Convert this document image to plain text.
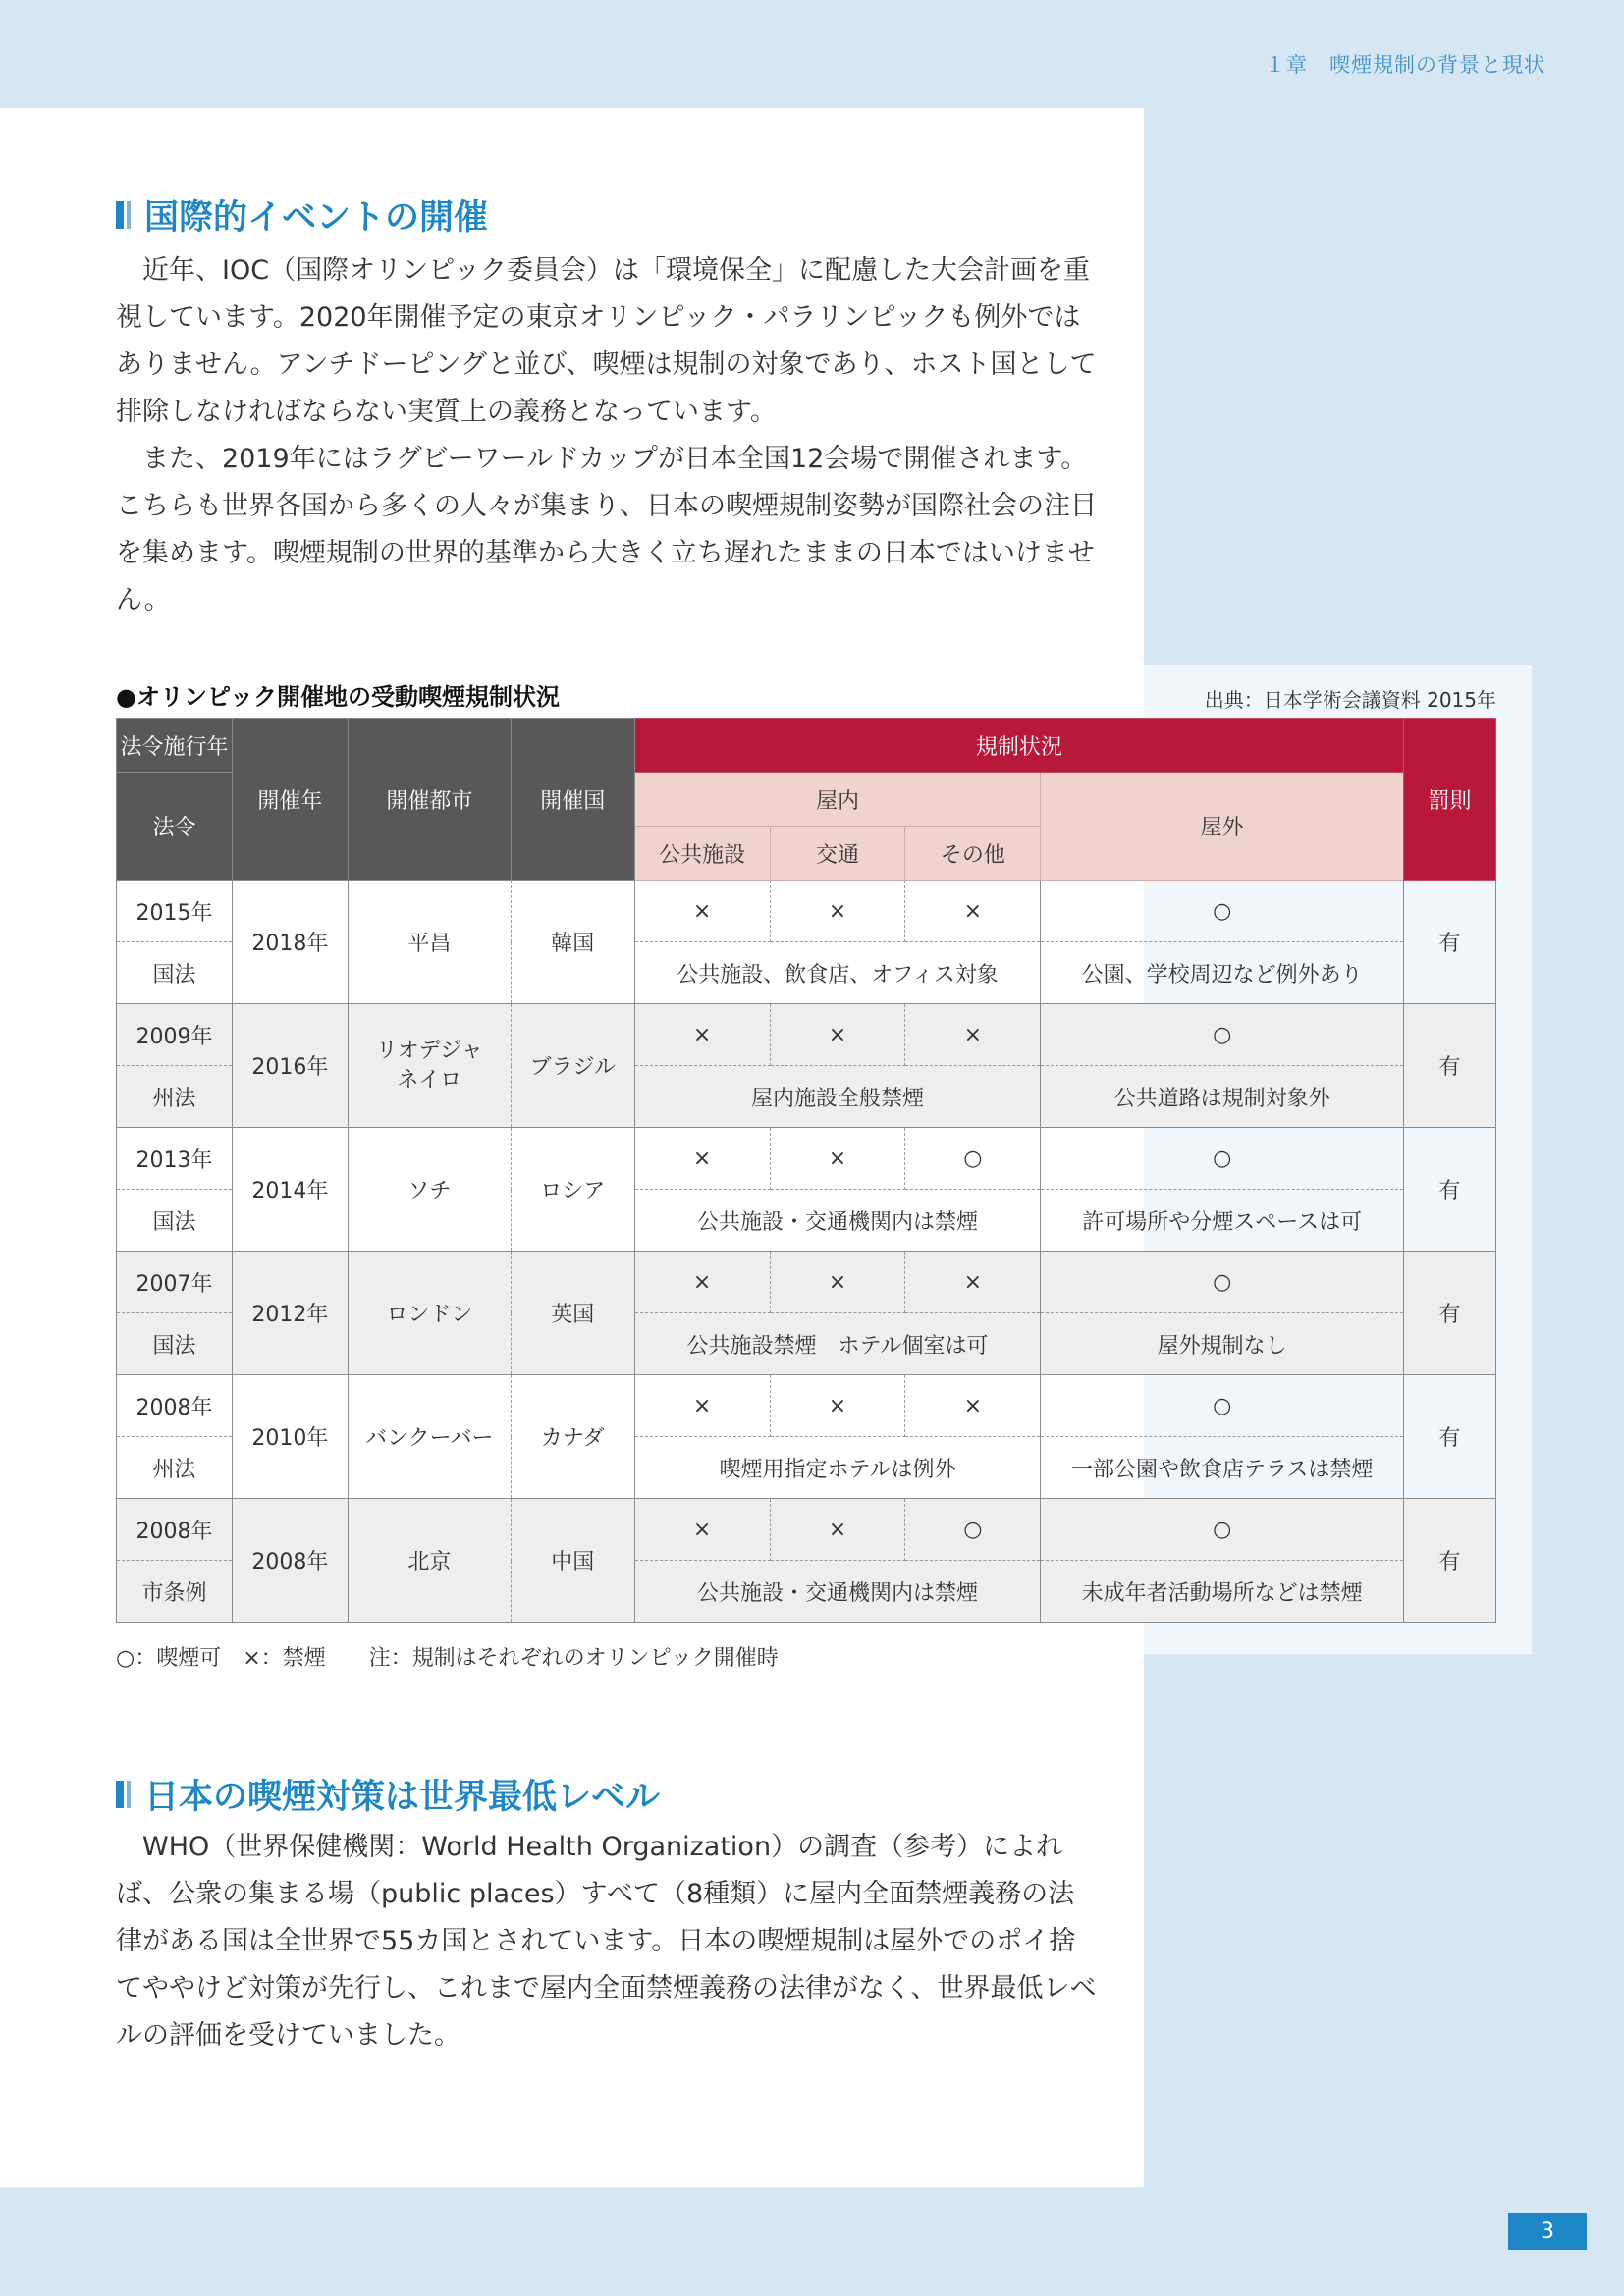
１章　喫煙規制の背景と現状
国際的イベントの開催

近年、IOC（国際オリンピック委員会）は「環境保全」に配慮した大会計画を重視しています。2020年開催予定の東京オリンピック・パラリンピックも例外ではありません。アンチドーピングと並び、喫煙は規制の対象であり、ホスト国として排除しなければならない実質上の義務となっています。

また、2019年にはラグビーワールドカップが日本全国12会場で開催されます。こちらも世界各国から多くの人々が集まり、日本の喫煙規制姿勢が国際社会の注目を集めます。喫煙規制の世界的基準から大きく立ち遅れたままの日本ではいけません。

●オリンピック開催地の受動喫煙規制状況	出典：日本学術会議資料 2015年
法令施行年	開催年	開催都市	開催国	規制状況				罰則
法令				屋内			屋外	
				公共施設	交通	その他		
2015年	2018年	平昌	韓国	×	×	×	○	有
国法				公共施設、飲食店、オフィス対象			公園、学校周辺など例外あり	
2009年	2016年	リオデジャネイロ	ブラジル	×	×	×	○	有
州法				屋内施設全般禁煙			公共道路は規制対象外	
2013年	2014年	ソチ	ロシア	×	×	○	○	有
国法				公共施設・交通機関内は禁煙			許可場所や分煙スペースは可	
2007年	2012年	ロンドン	英国	×	×	×	○	有
国法				公共施設禁煙　ホテル個室は可			屋外規制なし	
2008年	2010年	バンクーバー	カナダ	×	×	×	○	有
州法				喫煙用指定ホテルは例外			一部公園や飲食店テラスは禁煙	
2008年	2008年	北京	中国	×	×	○	○	有
市条例				公共施設・交通機関内は禁煙			未成年者活動場所などは禁煙	
○：喫煙可　×：禁煙　　注：規制はそれぞれのオリンピック開催時
日本の喫煙対策は世界最低レベル

WHO（世界保健機関：World Health Organization）の調査（参考）によれば、公衆の集まる場（public places）すべて（8種類）に屋内全面禁煙義務の法律がある国は全世界で55カ国とされています。日本の喫煙規制は屋外でのポイ捨てややけど対策が先行し、これまで屋内全面禁煙義務の法律がなく、世界最低レベルの評価を受けていました。

3
